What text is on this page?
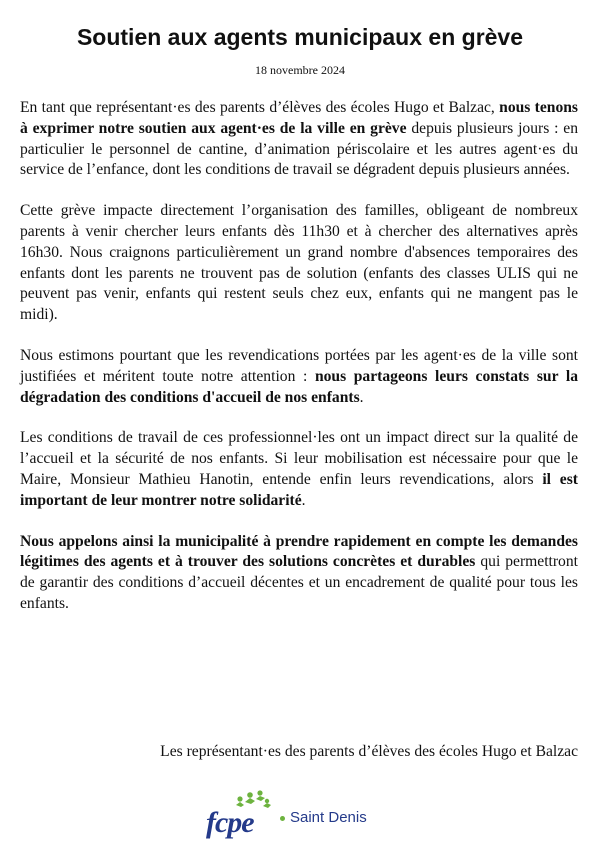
Soutien aux agents municipaux en grève
18 novembre 2024

En tant que représentant·es des parents d’élèves des écoles Hugo et Balzac, nous tenons à exprimer notre soutien aux agent·es de la ville en grève depuis plusieurs jours : en particulier le personnel de cantine, d’animation périscolaire et les autres agent·es du service de l’enfance, dont les conditions de travail se dégradent depuis plusieurs années.

Cette grève impacte directement l’organisation des familles, obligeant de nombreux parents à venir chercher leurs enfants dès 11h30 et à chercher des alternatives après 16h30. Nous craignons particulièrement un grand nombre d'absences temporaires des enfants dont les parents ne trouvent pas de solution (enfants des classes ULIS qui ne peuvent pas venir, enfants qui restent seuls chez eux, enfants qui ne mangent pas le midi).

Nous estimons pourtant que les revendications portées par les agent·es de la ville sont justifiées et méritent toute notre attention : nous partageons leurs constats sur la dégradation des conditions d'accueil de nos enfants.

Les conditions de travail de ces professionnel·les ont un impact direct sur la qualité de l’accueil et la sécurité de nos enfants. Si leur mobilisation est nécessaire pour que le Maire, Monsieur Mathieu Hanotin, entende enfin leurs revendications, alors il est important de leur montrer notre solidarité.

Nous appelons ainsi la municipalité à prendre rapidement en compte les demandes légitimes des agents et à trouver des solutions concrètes et durables qui permettront de garantir des conditions d’accueil décentes et un encadrement de qualité pour tous les enfants.

Les représentant·es des parents d’élèves des écoles Hugo et Balzac
fcpe Saint Denis
